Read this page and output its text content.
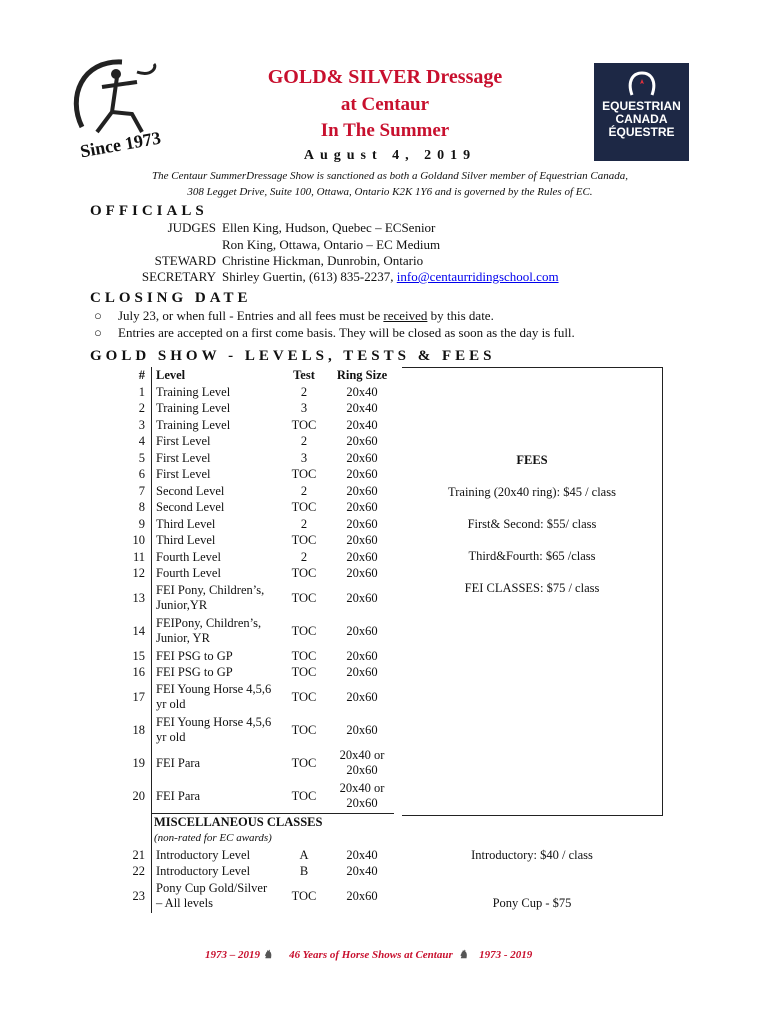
Since 1973
GOLD& SILVER Dressage
at Centaur
In The Summer
August 4, 2019
EQUESTRIAN
CANADA
ÉQUESTRE
The Centaur SummerDressage Show is sanctioned as both a Goldand Silver member of Equestrian Canada,
308 Legget Drive, Suite 100, Ottawa, Ontario K2K 1Y6 and is governed by the Rules of EC.
OFFICIALS
JUDGES Ellen King, Hudson, Quebec – ECSenior
Ron King, Ottawa, Ontario – EC Medium
STEWARD Christine Hickman, Dunrobin, Ontario
SECRETARY Shirley Guertin, (613) 835-2237, info@centaurridingschool.com
CLOSING DATE
○ July 23, or when full - Entries and all fees must be received by this date.
○ Entries are accepted on a first come basis. They will be closed as soon as the day is full.
GOLD SHOW - LEVELS, TESTS & FEES
FEES
Training (20x40 ring): $45 / class
First& Second: $55/ class
Third&Fourth: $65 /class
FEI CLASSES: $75 / class
Introductory: $40 / class
Pony Cup - $75
#	Level	Test	Ring Size
1	Training Level	2	20x40
2	Training Level	3	20x40
3	Training Level	TOC	20x40
4	First Level	2	20x60
5	First Level	3	20x60
6	First Level	TOC	20x60
7	Second Level	2	20x60
8	Second Level	TOC	20x60
9	Third Level	2	20x60
10	Third Level	TOC	20x60
11	Fourth Level	2	20x60
12	Fourth Level	TOC	20x60
13	FEI Pony, Children’s, Junior,YR	TOC	20x60
14	FEIPony, Children’s, Junior, YR	TOC	20x60
15	FEI PSG to GP	TOC	20x60
16	FEI PSG to GP	TOC	20x60
17	FEI Young Horse 4,5,6 yr old	TOC	20x60
18	FEI Young Horse 4,5,6 yr old	TOC	20x60
19	FEI Para	TOC	20x40 or 20x60
20	FEI Para	TOC	20x40 or 20x60
	MISCELLANEOUS CLASSES		
	(non-rated for EC awards)		
21	Introductory Level	A	20x40
22	Introductory Level	B	20x40
23	Pony Cup Gold/Silver – All levels	TOC	20x60
1973 – 2019 ♞ 46 Years of Horse Shows at Centaur ♞ 1973 - 2019
